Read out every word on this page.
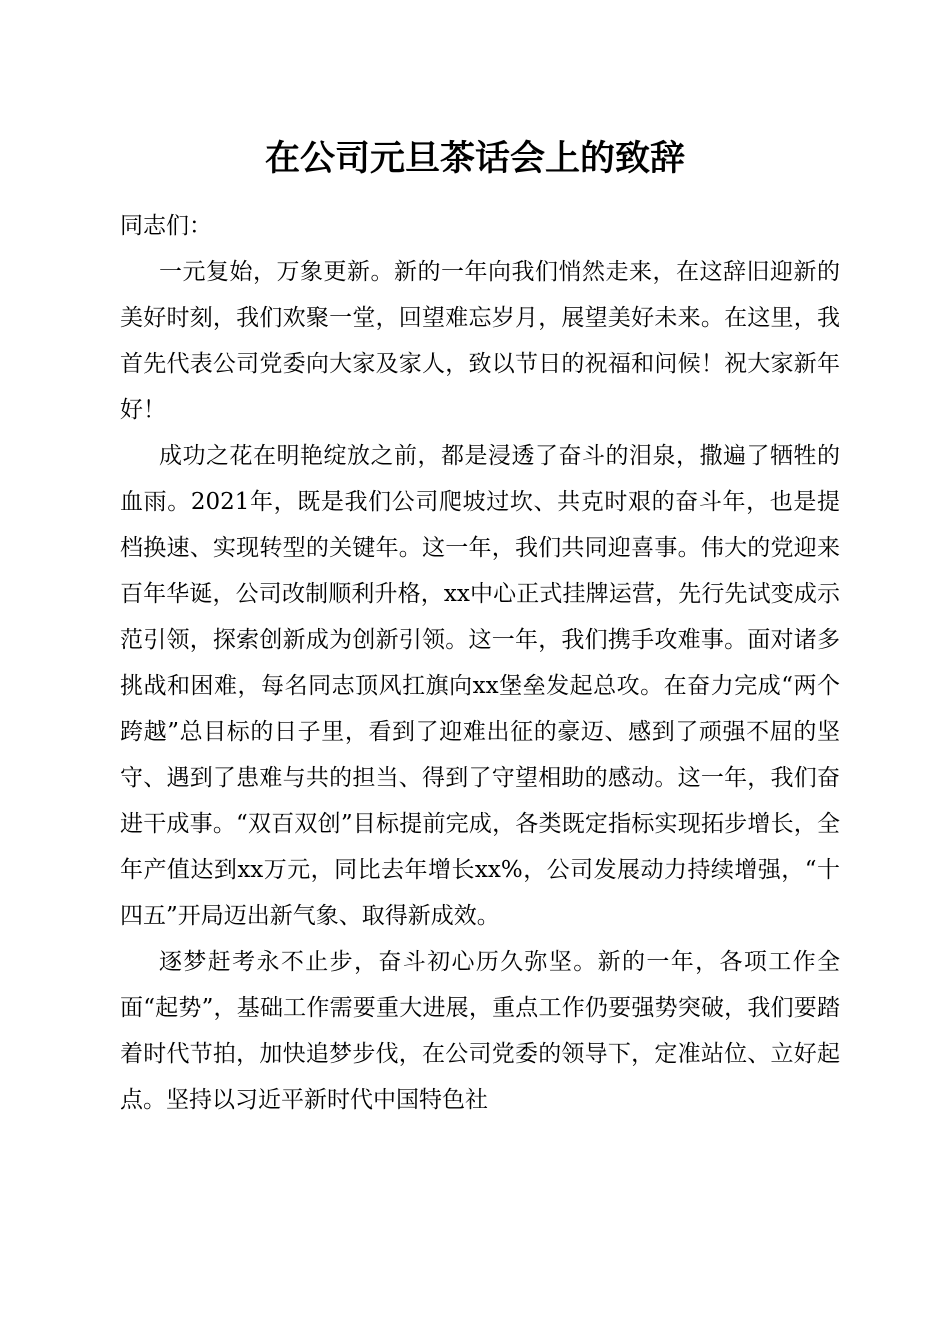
在公司元旦茶话会上的致辞

同志们：

一元复始，万象更新。新的一年向我们悄然走来，在这辞旧迎新的美好时刻，我们欢聚一堂，回望难忘岁月，展望美好未来。在这里，我首先代表公司党委向大家及家人，致以节日的祝福和问候！祝大家新年好！

成功之花在明艳绽放之前，都是浸透了奋斗的泪泉，撒遍了牺牲的血雨。2021年，既是我们公司爬坡过坎、共克时艰的奋斗年，也是提档换速、实现转型的关键年。这一年，我们共同迎喜事。伟大的党迎来百年华诞，公司改制顺利升格，xx中心正式挂牌运营，先行先试变成示范引领，探索创新成为创新引领。这一年，我们携手攻难事。面对诸多挑战和困难，每名同志顶风扛旗向xx堡垒发起总攻。在奋力完成“两个跨越”总目标的日子里，看到了迎难出征的豪迈、感到了顽强不屈的坚守、遇到了患难与共的担当、得到了守望相助的感动。这一年，我们奋进干成事。“双百双创”目标提前完成，各类既定指标实现拓步增长，全年产值达到xx万元，同比去年增长xx%，公司发展动力持续增强，“十四五”开局迈出新气象、取得新成效。

逐梦赶考永不止步，奋斗初心历久弥坚。新的一年，各项工作全面“起势”，基础工作需要重大进展，重点工作仍要强势突破，我们要踏着时代节拍，加快追梦步伐，在公司党委的领导下，定准站位、立好起点。坚持以习近平新时代中国特色社
